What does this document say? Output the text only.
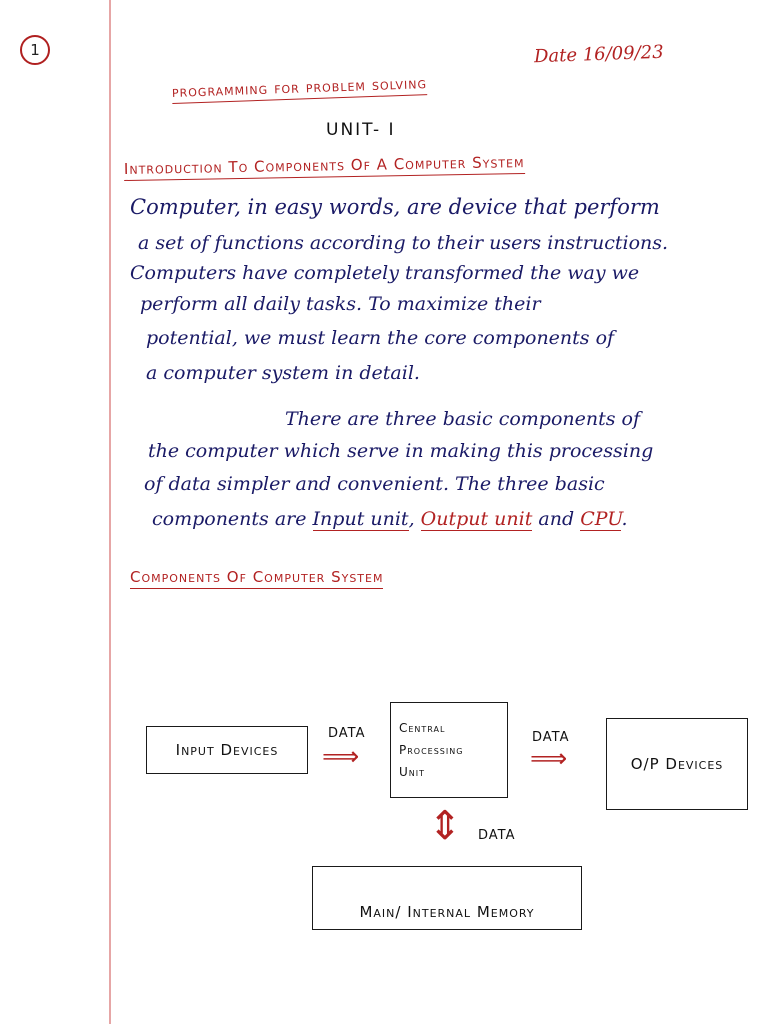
1	Date 16/09/23
programming for problem solving
UNIT- I
Introduction To Components Of A Computer System
Computer, in easy words, are device that perform
a set of functions according to their users instructions.
Computers have completely transformed the way we
perform all daily tasks. To maximize their
potential, we must learn the core components of
a computer system in detail.
There are three basic components of
the computer which serve in making this processing
of data simpler and convenient. The three basic
components are Input unit, Output unit and CPU.
Components Of Computer System
Input Devices
DATA
⟹
Central
Processing
Unit
DATA
⟹	O/P Devices
⇕ DATA
Main/ Internal Memory
